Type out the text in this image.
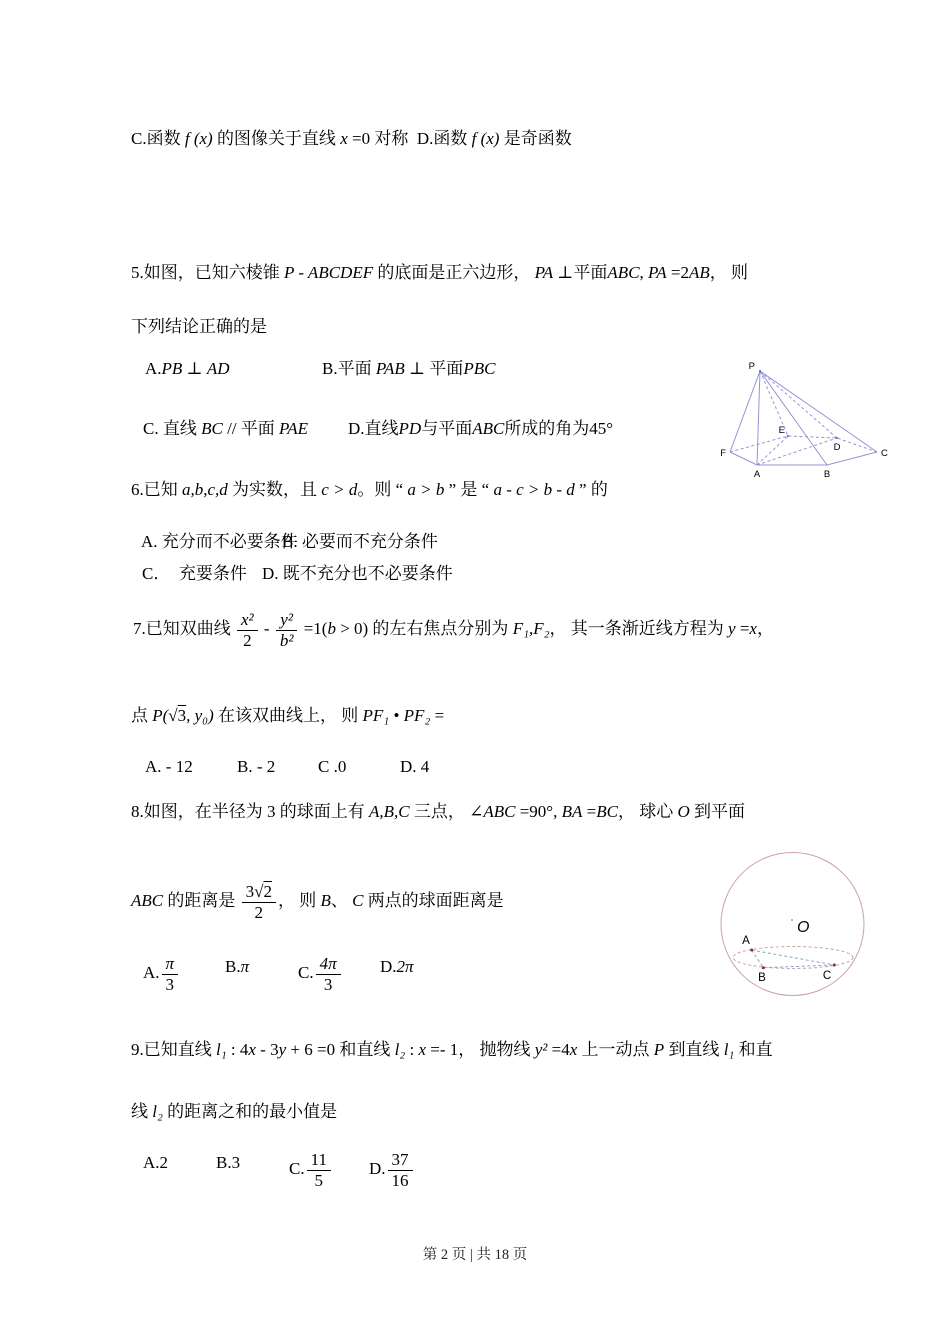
C.函数 f (x) 的图像关于直线 x =0 对称  D.函数 f (x) 是奇函数
5.如图，已知六棱锥 P - ABCDEF 的底面是正六边形， PA ⊥平面ABC, PA =2AB， 则
下列结论正确的是
A.PB ⊥ AD	B.平面 PAB ⊥ 平面PBC
C. 直线 BC // 平面 PAE D.直线PD与平面ABC所成的角为45°
P
F
A	B
C
D
E
6.已知 a,b,c,d 为实数，且 c > d。则 “ a > b ” 是 “ a - c > b - d ” 的
A. 充分而不必要条件
B. 必要而不充分条件
C．  充要条件 D. 既不充分也不必要条件
7.已知双曲线 $\frac{\text{x²}}{2} - \frac{\text{y²}}{\text{b²}} =1(b > 0)$ 的左右焦点分别为 F₁,F₂， 其一条渐近线方程为 y =x，
点 P(√3, y₀) 在该双曲线上， 则 PF₁ • PF₂ =
A. - 12	B. - 2	C .0	D. 4
8.如图，在半径为 3 的球面上有 A,B,C 三点， ∠ABC =90°, BA =BC， 球心 O 到平面
ABC 的距离是 $\frac{3√2}{2}$ ， 则 B、 C 两点的球面距离是
A. $\frac{\pi}{3}$	B.π	C. $\frac{4\pi}{3} D.2\pi$
A
B	C
O
9.已知直线 l₁ : 4x - 3y + 6 =0 和直线 l₂ : x =- 1， 抛物线 y² =4x 上一动点 P 到直线 l₁ 和直
线 l₂ 的距离之和的最小值是
A.2	B.3	C. $\frac{11}{5} D$. $\frac{37}{16}$
第 2 页 | 共 18 页
